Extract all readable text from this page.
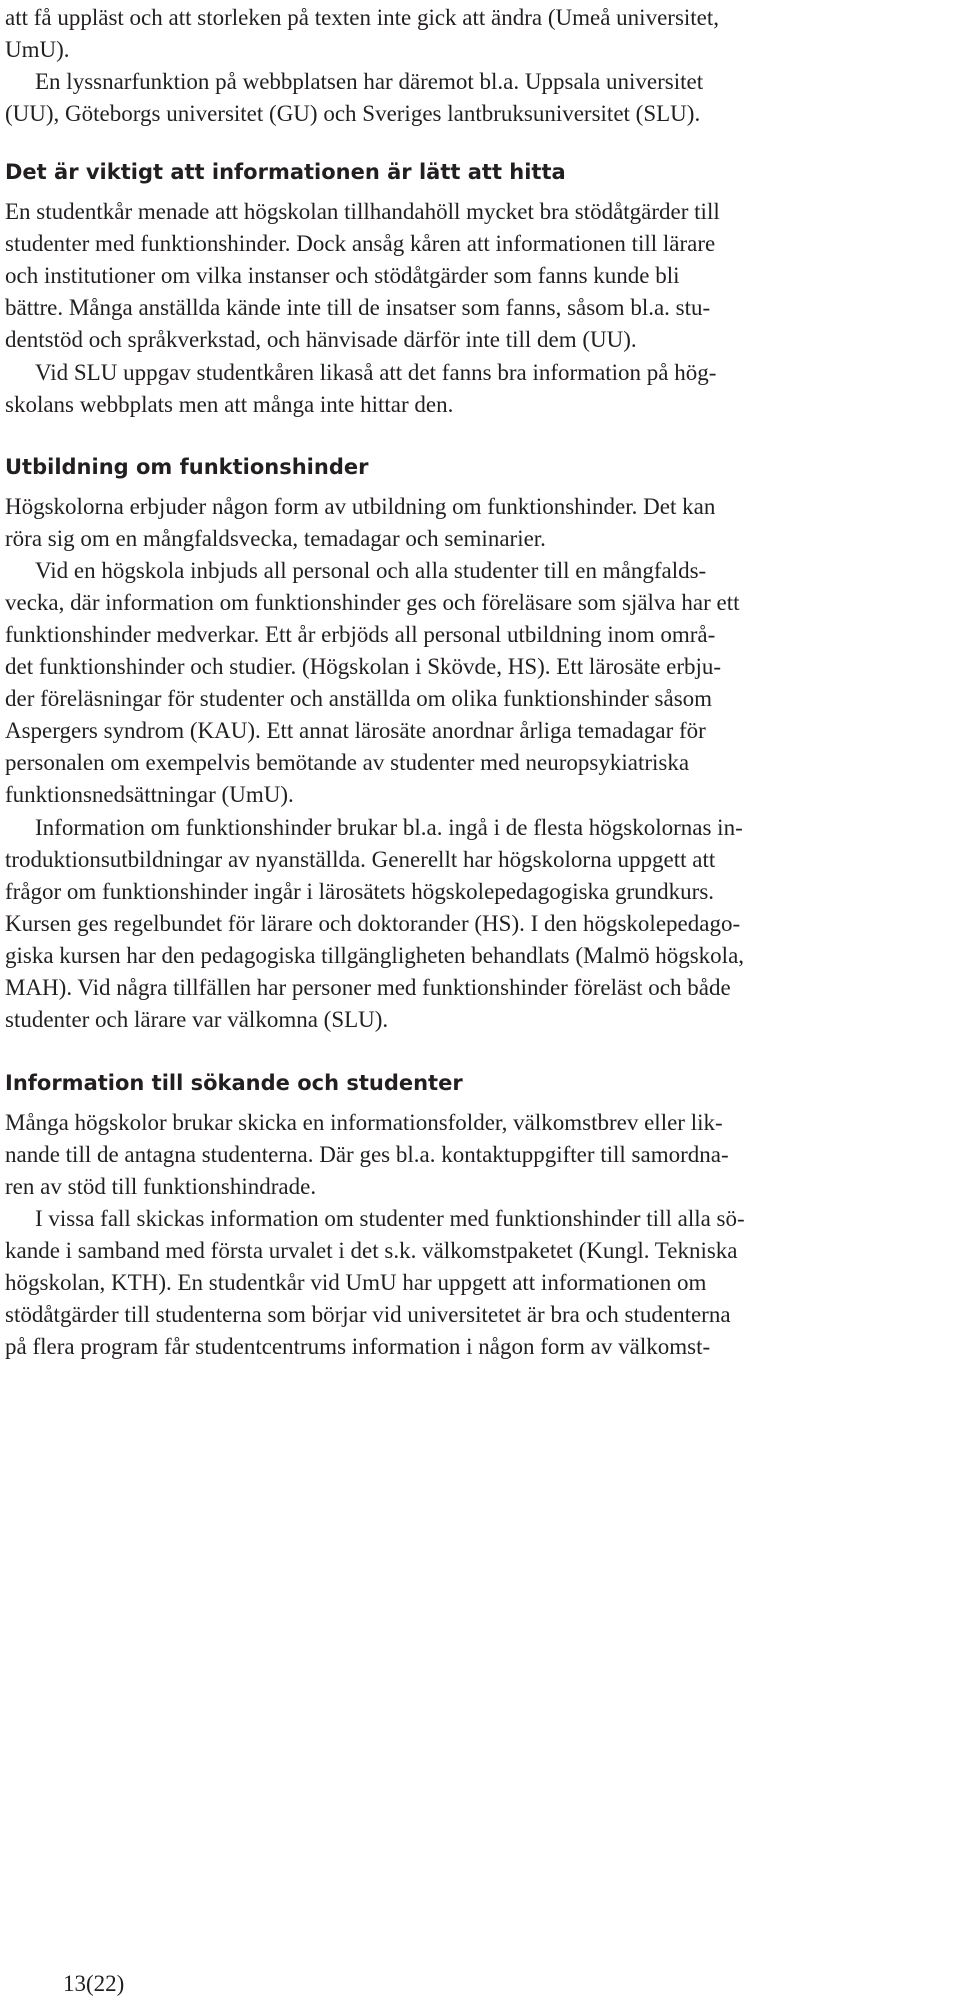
att få uppläst och att storleken på texten inte gick att ändra (Umeå universitet,
UmU).
En lyssnarfunktion på webbplatsen har däremot bl.a. Uppsala universitet
(UU), Göteborgs universitet (GU) och Sveriges lantbruksuniversitet (SLU).
Det är viktigt att informationen är lätt att hitta
En studentkår menade att högskolan tillhandahöll mycket bra stödåtgärder till
studenter med funktionshinder. Dock ansåg kåren att informationen till lärare
och institutioner om vilka instanser och stödåtgärder som fanns kunde bli
bättre. Många anställda kände inte till de insatser som fanns, såsom bl.a. stu-
dentstöd och språkverkstad, och hänvisade därför inte till dem (UU).
Vid SLU uppgav studentkåren likaså att det fanns bra information på hög-
skolans webbplats men att många inte hittar den.
Utbildning om funktionshinder
Högskolorna erbjuder någon form av utbildning om funktionshinder. Det kan
röra sig om en mångfaldsvecka, temadagar och seminarier.
Vid en högskola inbjuds all personal och alla studenter till en mångfalds-
vecka, där information om funktionshinder ges och föreläsare som själva har ett
funktionshinder medverkar. Ett år erbjöds all personal utbildning inom områ-
det funktionshinder och studier. (Högskolan i Skövde, HS). Ett lärosäte erbju-
der föreläsningar för studenter och anställda om olika funktionshinder såsom
Aspergers syndrom (KAU). Ett annat lärosäte anordnar årliga temadagar för
personalen om exempelvis bemötande av studenter med neuropsykiatriska
funktionsnedsättningar (UmU).
Information om funktionshinder brukar bl.a. ingå i de flesta högskolornas in-
troduktionsutbildningar av nyanställda. Generellt har högskolorna uppgett att
frågor om funktionshinder ingår i lärosätets högskolepedagogiska grundkurs.
Kursen ges regelbundet för lärare och doktorander (HS). I den högskolepedago-
giska kursen har den pedagogiska tillgängligheten behandlats (Malmö högskola,
MAH). Vid några tillfällen har personer med funktionshinder föreläst och både
studenter och lärare var välkomna (SLU).
Information till sökande och studenter
Många högskolor brukar skicka en informationsfolder, välkomstbrev eller lik-
nande till de antagna studenterna. Där ges bl.a. kontaktuppgifter till samordna-
ren av stöd till funktionshindrade.
I vissa fall skickas information om studenter med funktionshinder till alla sö-
kande i samband med första urvalet i det s.k. välkomstpaketet (Kungl. Tekniska
högskolan, KTH). En studentkår vid UmU har uppgett att informationen om
stödåtgärder till studenterna som börjar vid universitetet är bra och studenterna
på flera program får studentcentrums information i någon form av välkomst-
13(22)
